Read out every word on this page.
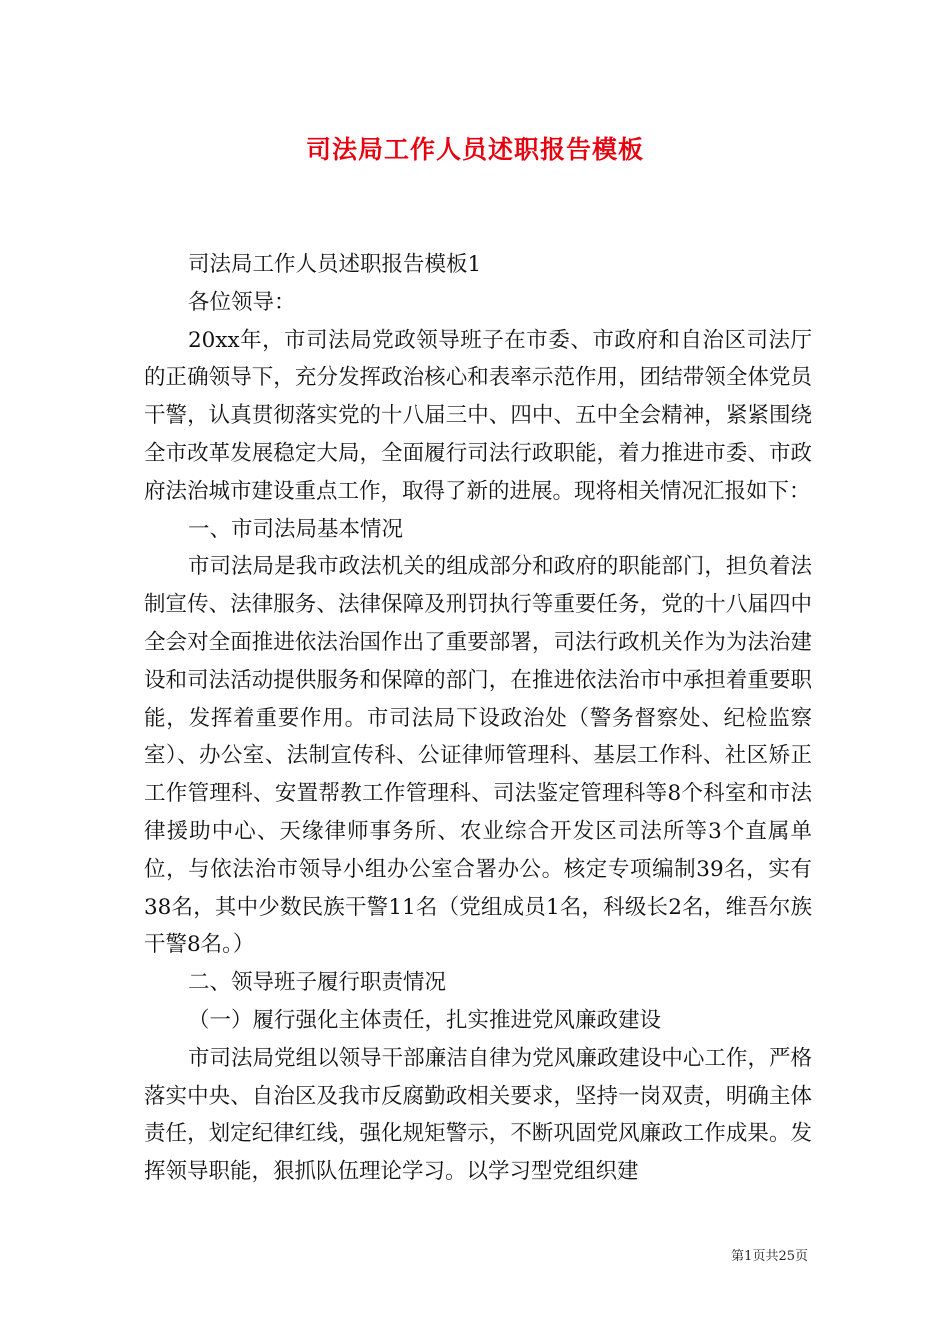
司法局工作人员述职报告模板

司法局工作人员述职报告模板1

各位领导：

20xx年，市司法局党政领导班子在市委、市政府和自治区司法厅的正确领导下，充分发挥政治核心和表率示范作用，团结带领全体党员干警，认真贯彻落实党的十八届三中、四中、五中全会精神，紧紧围绕全市改革发展稳定大局，全面履行司法行政职能，着力推进市委、市政府法治城市建设重点工作，取得了新的进展。现将相关情况汇报如下：

一、市司法局基本情况

市司法局是我市政法机关的组成部分和政府的职能部门，担负着法制宣传、法律服务、法律保障及刑罚执行等重要任务，党的十八届四中全会对全面推进依法治国作出了重要部署，司法行政机关作为为法治建设和司法活动提供服务和保障的部门，在推进依法治市中承担着重要职能，发挥着重要作用。市司法局下设政治处（警务督察处、纪检监察室）、办公室、法制宣传科、公证律师管理科、基层工作科、社区矫正工作管理科、安置帮教工作管理科、司法鉴定管理科等8个科室和市法律援助中心、天缘律师事务所、农业综合开发区司法所等3个直属单位，与依法治市领导小组办公室合署办公。核定专项编制39名，实有38名，其中少数民族干警11名（党组成员1名，科级长2名，维吾尔族干警8名。）

二、领导班子履行职责情况

（一）履行强化主体责任，扎实推进党风廉政建设

市司法局党组以领导干部廉洁自律为党风廉政建设中心工作，严格落实中央、自治区及我市反腐勤政相关要求，坚持一岗双责，明确主体责任，划定纪律红线，强化规矩警示，不断巩固党风廉政工作成果。发挥领导职能，狠抓队伍理论学习。以学习型党组织建

第1页共25页
